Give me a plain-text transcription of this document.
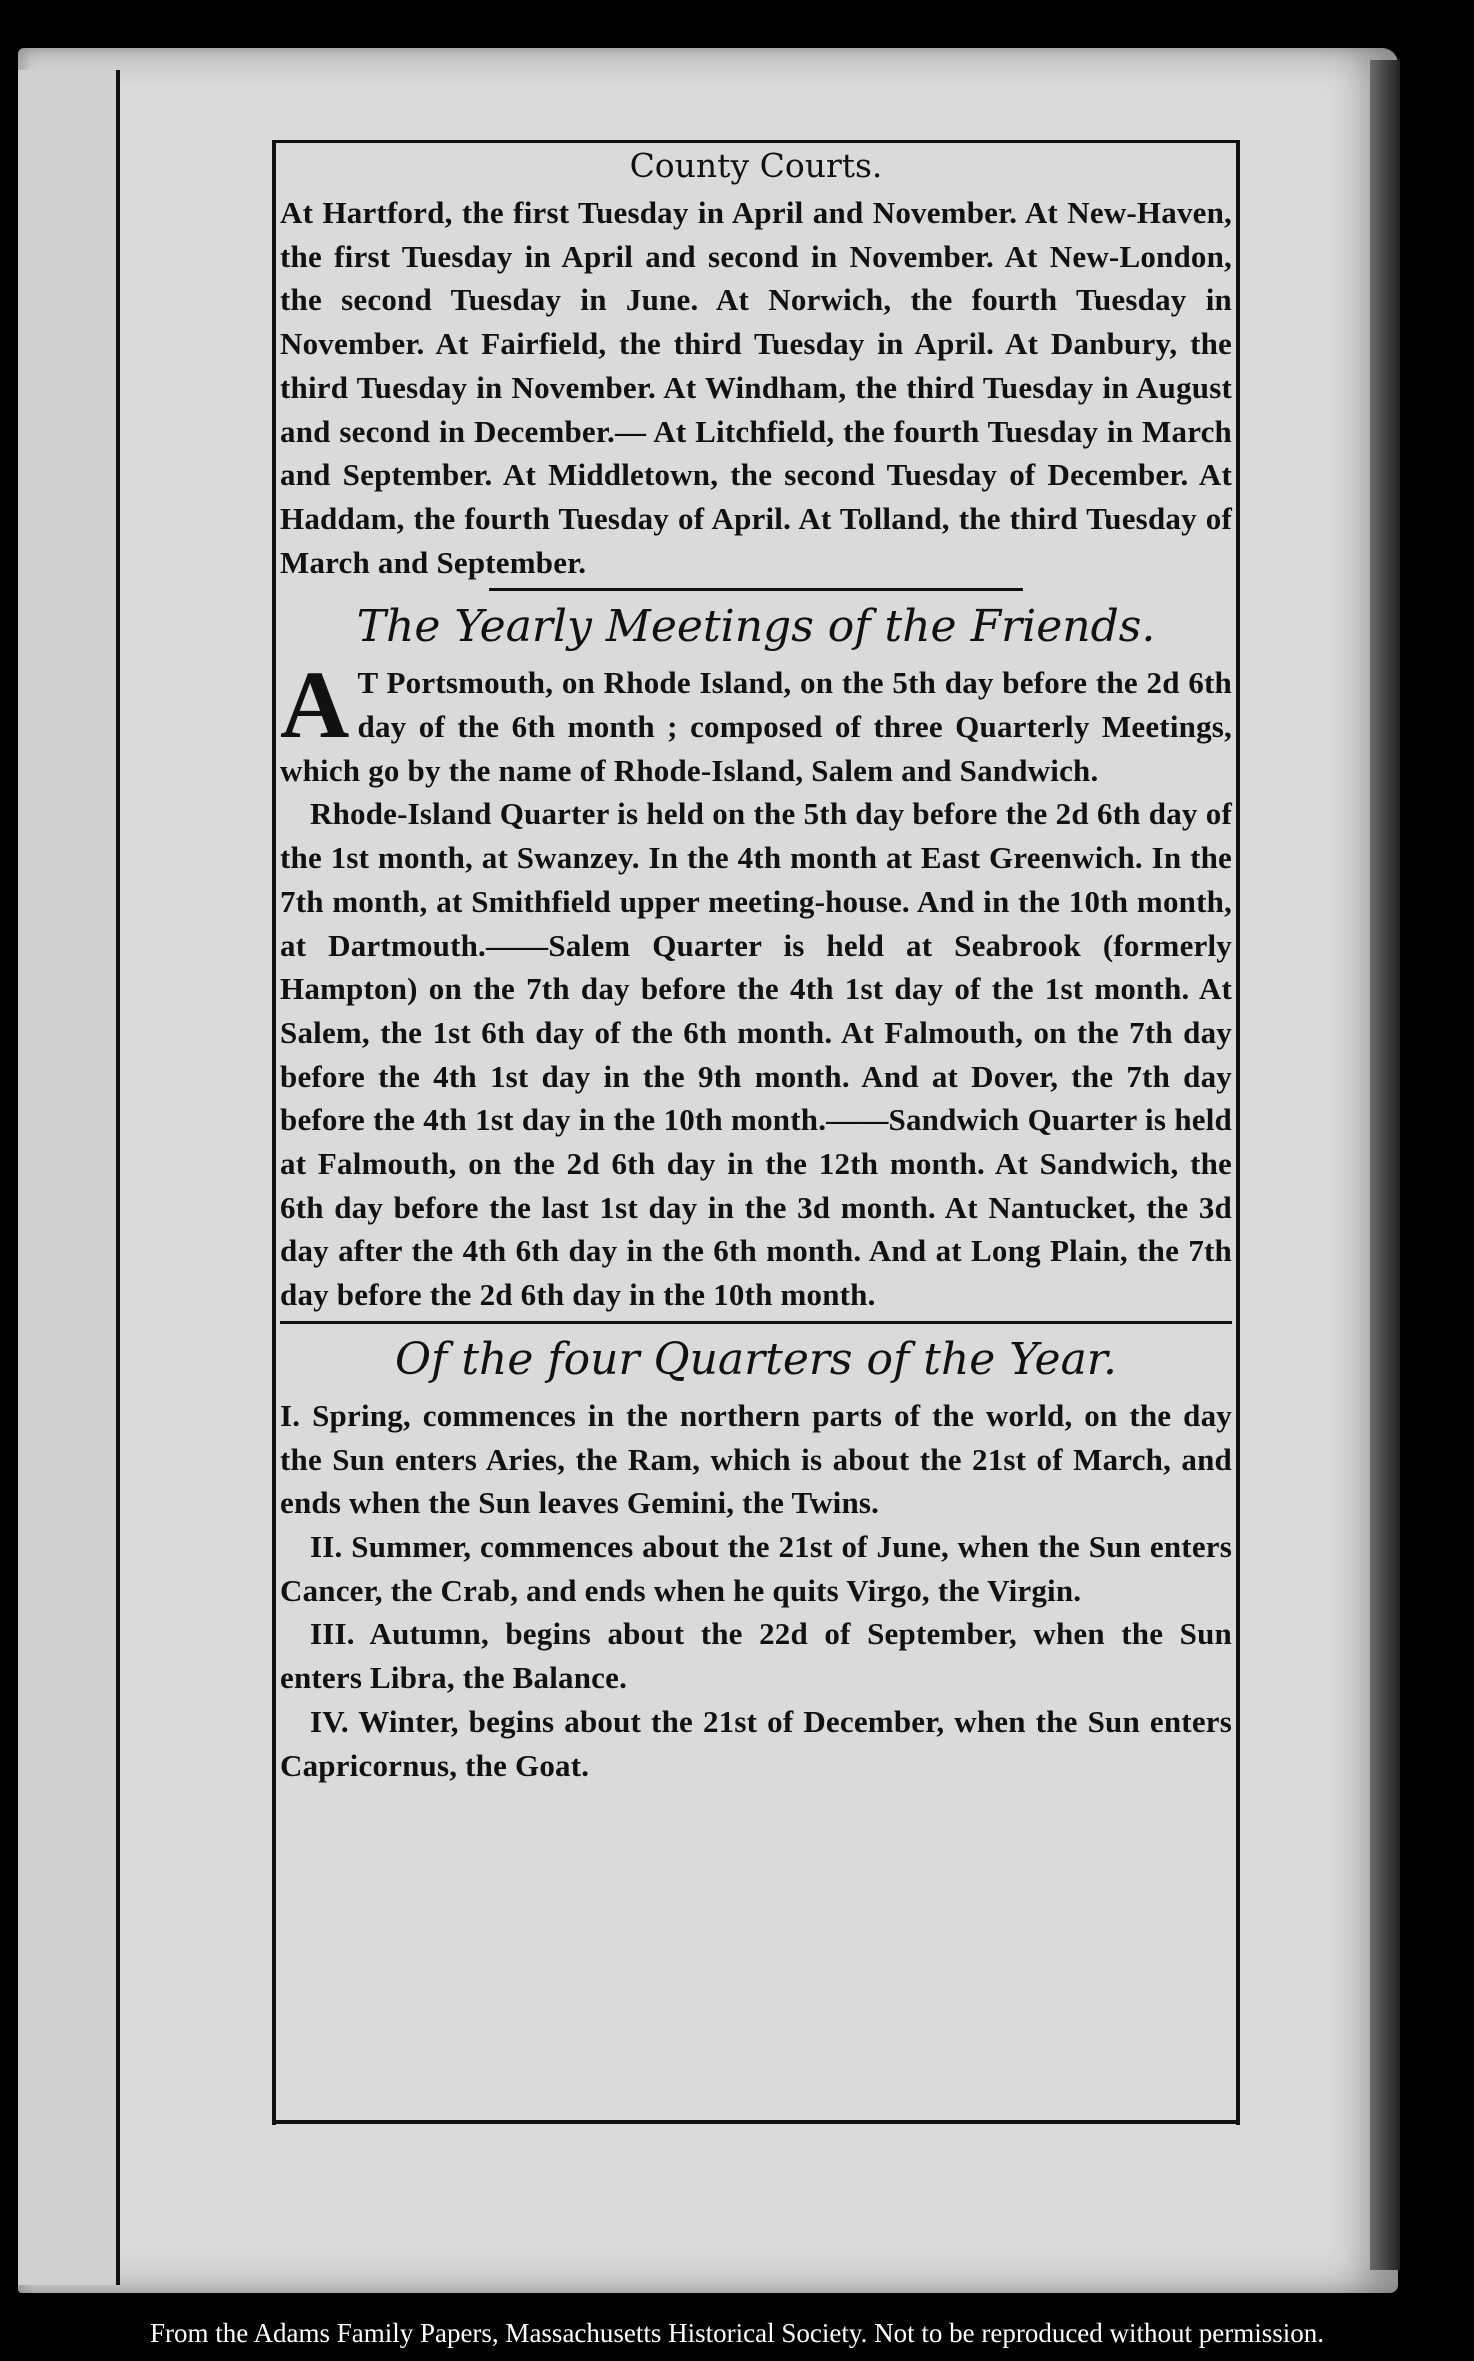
County Courts.

At Hartford, the first Tuesday in April and November. At New-Haven, the first Tuesday in April and second in November. At New-London, the second Tuesday in June. At Norwich, the fourth Tuesday in November. At Fairfield, the third Tuesday in April. At Danbury, the third Tuesday in November. At Windham, the third Tuesday in August and second in December.— At Litchfield, the fourth Tuesday in March and September. At Middletown, the second Tuesday of December. At Haddam, the fourth Tuesday of April. At Tolland, the third Tuesday of March and September.

The Yearly Meetings of the Friends.

A T Portsmouth, on Rhode Island, on the 5th day before the 2d 6th day of the 6th month ; composed of three Quarterly Meetings, which go by the name of Rhode-Island, Salem and Sandwich.

Rhode-Island Quarter is held on the 5th day before the 2d 6th day of the 1st month, at Swanzey. In the 4th month at East Greenwich. In the 7th month, at Smithfield upper meeting-house. And in the 10th month, at Dartmouth.——Salem Quarter is held at Seabrook (formerly Hampton) on the 7th day before the 4th 1st day of the 1st month. At Salem, the 1st 6th day of the 6th month. At Falmouth, on the 7th day before the 4th 1st day in the 9th month. And at Dover, the 7th day before the 4th 1st day in the 10th month.——Sandwich Quarter is held at Falmouth, on the 2d 6th day in the 12th month. At Sandwich, the 6th day before the last 1st day in the 3d month. At Nantucket, the 3d day after the 4th 6th day in the 6th month. And at Long Plain, the 7th day before the 2d 6th day in the 10th month.

Of the four Quarters of the Year.

I. Spring, commences in the northern parts of the world, on the day the Sun enters Aries, the Ram, which is about the 21st of March, and ends when the Sun leaves Gemini, the Twins.

II. Summer, commences about the 21st of June, when the Sun enters Cancer, the Crab, and ends when he quits Virgo, the Virgin.

III. Autumn, begins about the 22d of September, when the Sun enters Libra, the Balance.

IV. Winter, begins about the 21st of December, when the Sun enters Capricornus, the Goat.

From the Adams Family Papers, Massachusetts Historical Society. Not to be reproduced without permission.
